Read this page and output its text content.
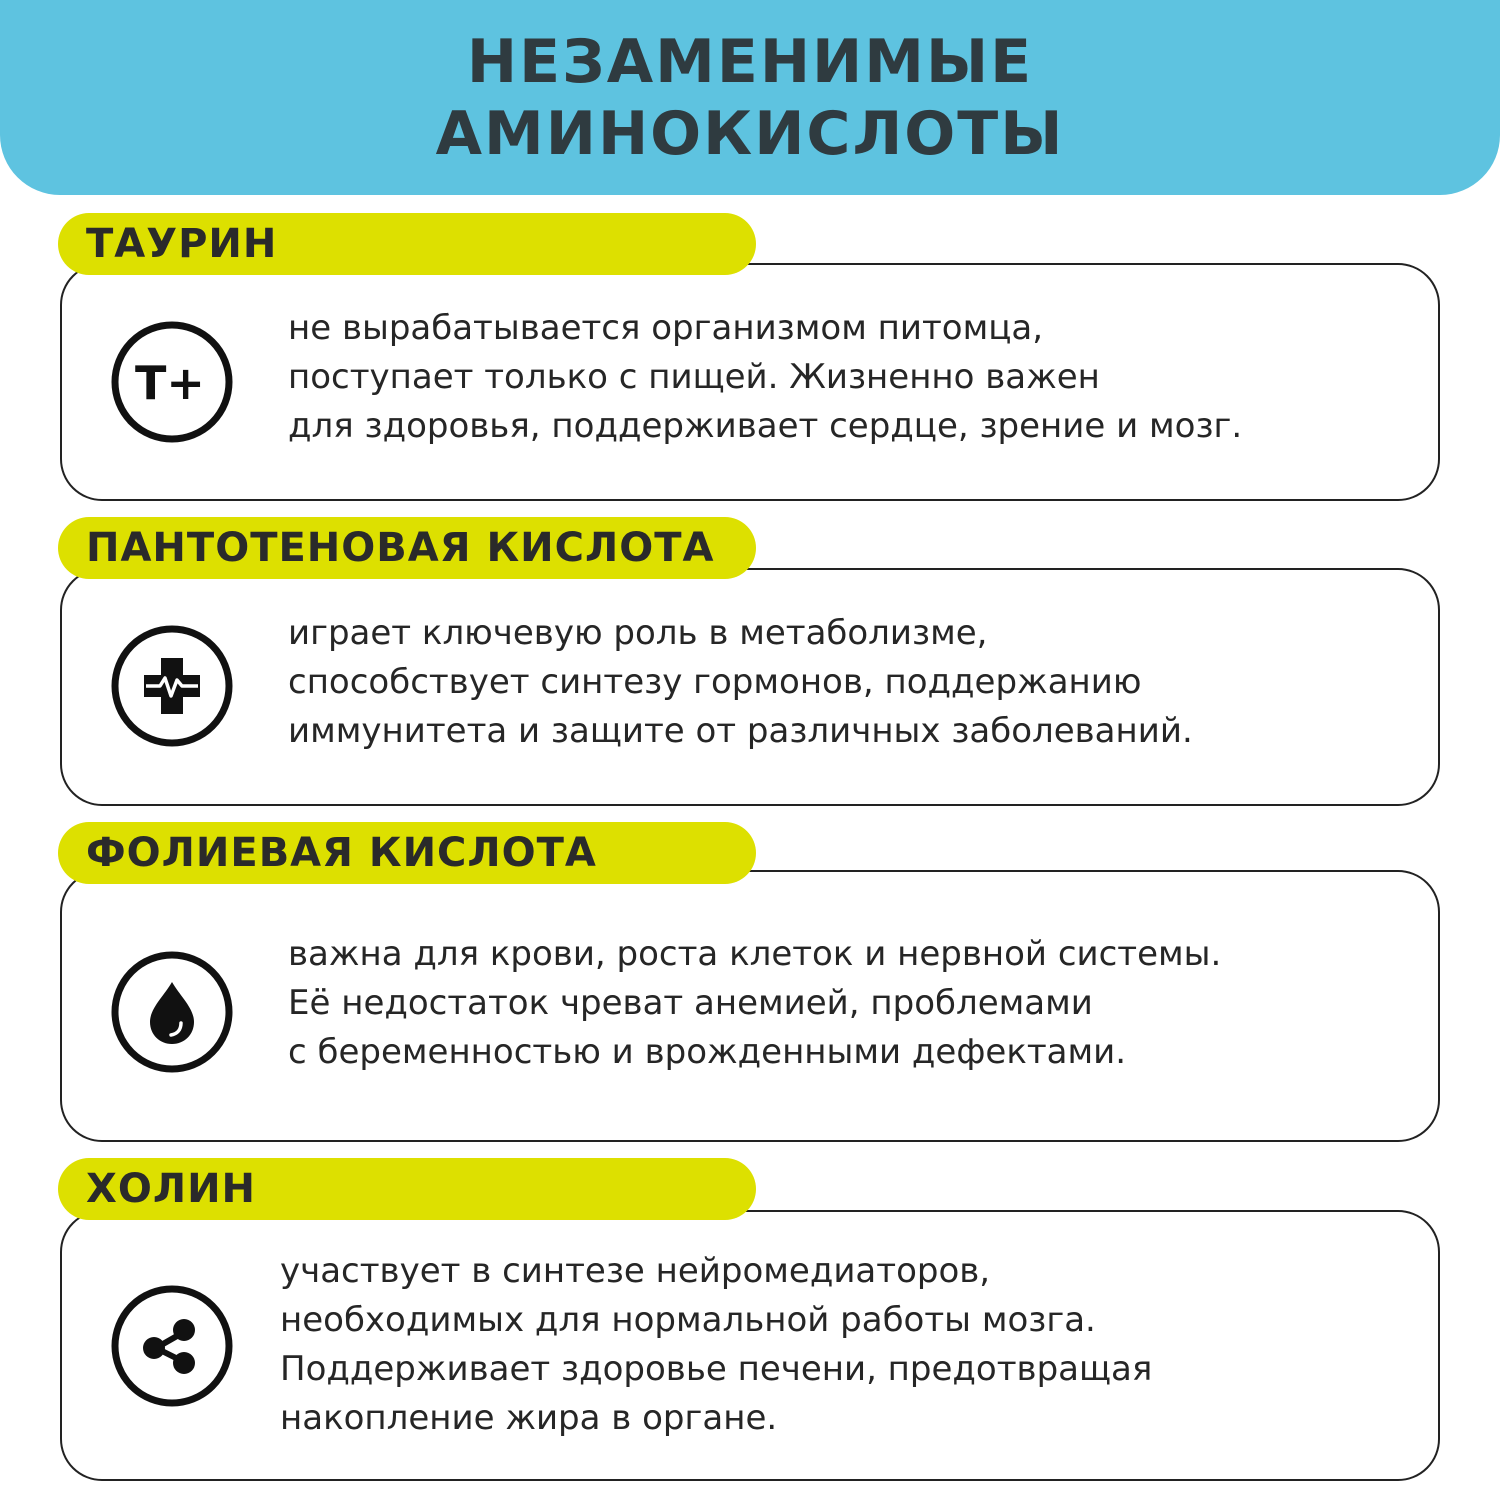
НЕЗАМЕНИМЫЕ
АМИНОКИСЛОТЫ
ТАУРИН
T+
не вырабатывается организмом питомца,
поступает только с пищей. Жизненно важен
для здоровья, поддерживает сердце, зрение и мозг.
ПАНТОТЕНОВАЯ КИСЛОТА
играет ключевую роль в метаболизме,
способствует синтезу гормонов, поддержанию
иммунитета и защите от различных заболеваний.
ФОЛИЕВАЯ КИСЛОТА
важна для крови, роста клеток и нервной системы.
Её недостаток чреват анемией, проблемами
с беременностью и врожденными дефектами.
ХОЛИН
участвует в синтезе нейромедиаторов,
необходимых для нормальной работы мозга.
Поддерживает здоровье печени, предотвращая
накопление жира в органе.
